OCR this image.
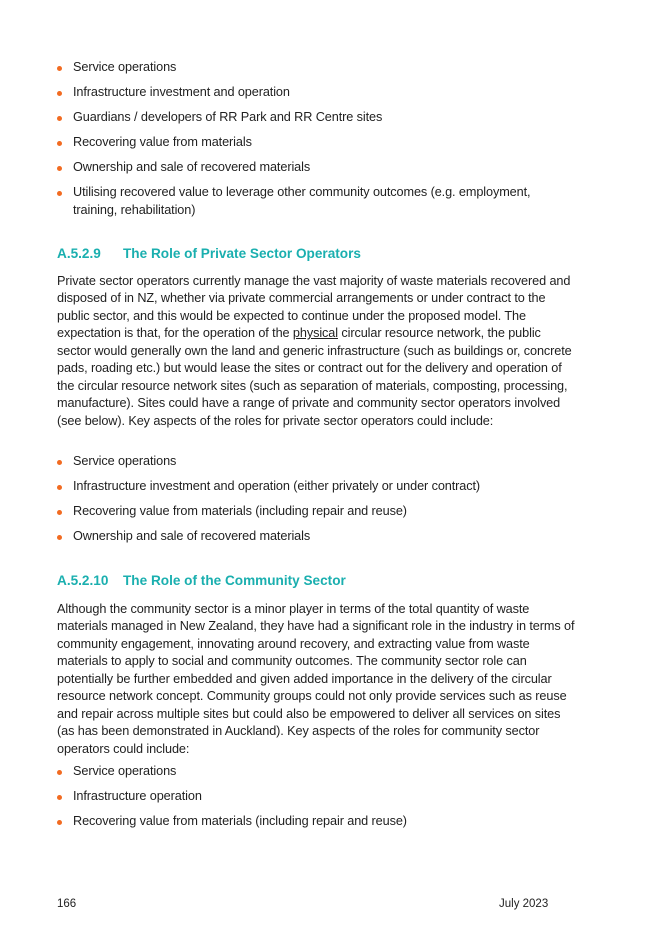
Service operations
Infrastructure investment and operation
Guardians / developers of RR Park and RR Centre sites
Recovering value from materials
Ownership and sale of recovered materials
Utilising recovered value to leverage other community outcomes (e.g. employment, training, rehabilitation)
A.5.2.9 The Role of Private Sector Operators

Private sector operators currently manage the vast majority of waste materials recovered and disposed of in NZ, whether via private commercial arrangements or under contract to the public sector, and this would be expected to continue under the proposed model. The expectation is that, for the operation of the physical circular resource network, the public sector would generally own the land and generic infrastructure (such as buildings or, concrete pads, roading etc.) but would lease the sites or contract out for the delivery and operation of the circular resource network sites (such as separation of materials, composting, processing, manufacture). Sites could have a range of private and community sector operators involved (see below). Key aspects of the roles for private sector operators could include:

Service operations
Infrastructure investment and operation (either privately or under contract)
Recovering value from materials (including repair and reuse)
Ownership and sale of recovered materials
A.5.2.10 The Role of the Community Sector

Although the community sector is a minor player in terms of the total quantity of waste materials managed in New Zealand, they have had a significant role in the industry in terms of community engagement, innovating around recovery, and extracting value from waste materials to apply to social and community outcomes. The community sector role can potentially be further embedded and given added importance in the delivery of the circular resource network concept. Community groups could not only provide services such as reuse and repair across multiple sites but could also be empowered to deliver all services on sites (as has been demonstrated in Auckland). Key aspects of the roles for community sector operators could include:

Service operations
Infrastructure operation
Recovering value from materials (including repair and reuse)
166	July 2023
